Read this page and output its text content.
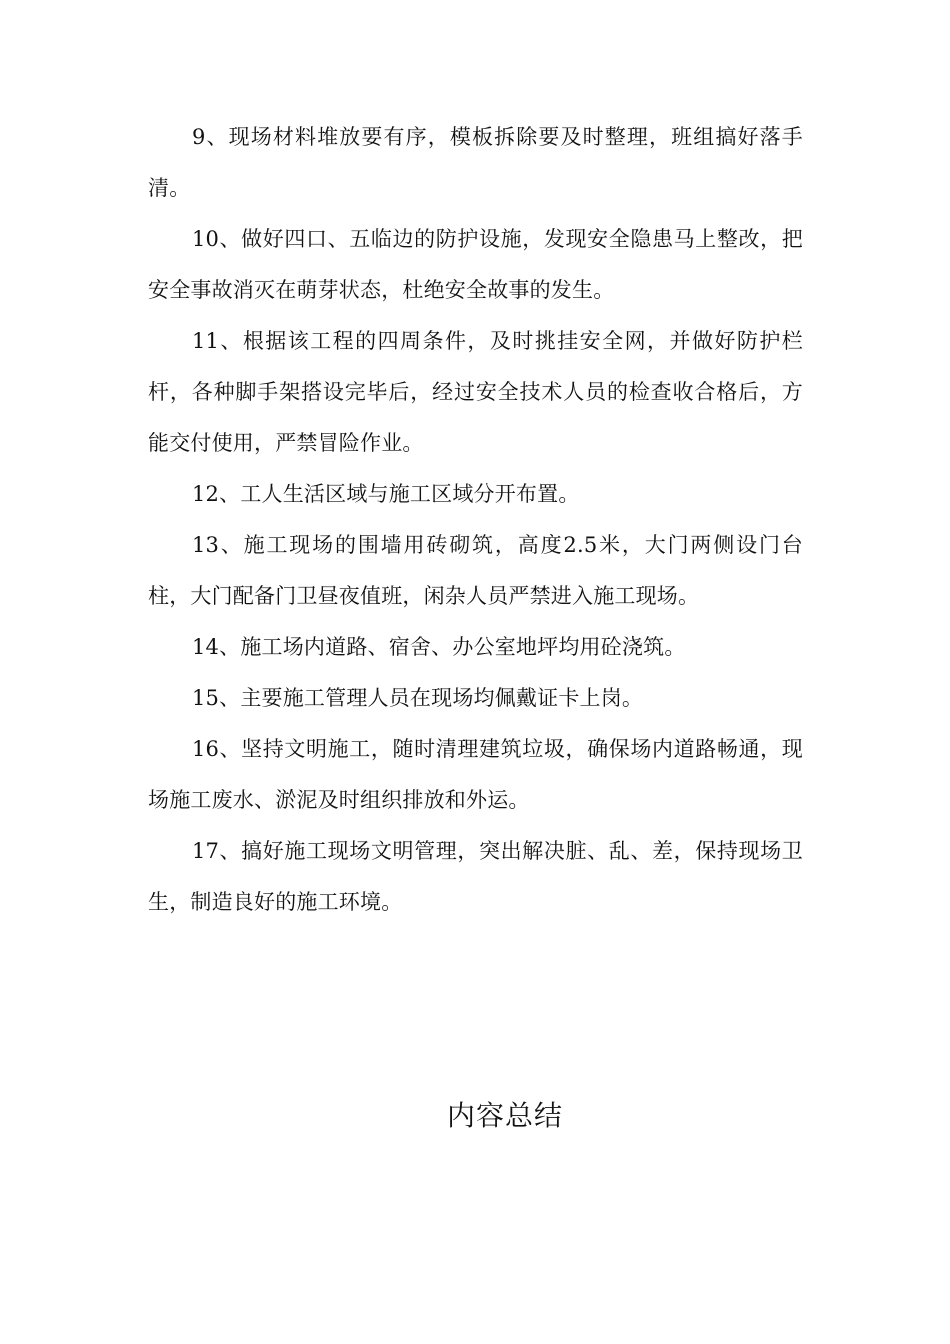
9、现场材料堆放要有序，模板拆除要及时整理，班组搞好落手清。

10、做好四口、五临边的防护设施，发现安全隐患马上整改，把安全事故消灭在萌芽状态，杜绝安全故事的发生。

11、根据该工程的四周条件，及时挑挂安全网，并做好防护栏杆，各种脚手架搭设完毕后，经过安全技术人员的检查收合格后，方能交付使用，严禁冒险作业。

12、工人生活区域与施工区域分开布置。

13、施工现场的围墙用砖砌筑，高度2.5米，大门两侧设门台柱，大门配备门卫昼夜值班，闲杂人员严禁进入施工现场。

14、施工场内道路、宿舍、办公室地坪均用砼浇筑。

15、主要施工管理人员在现场均佩戴证卡上岗。

16、坚持文明施工，随时清理建筑垃圾，确保场内道路畅通，现场施工废水、淤泥及时组织排放和外运。

17、搞好施工现场文明管理，突出解决脏、乱、差，保持现场卫生，制造良好的施工环境。

内容总结
